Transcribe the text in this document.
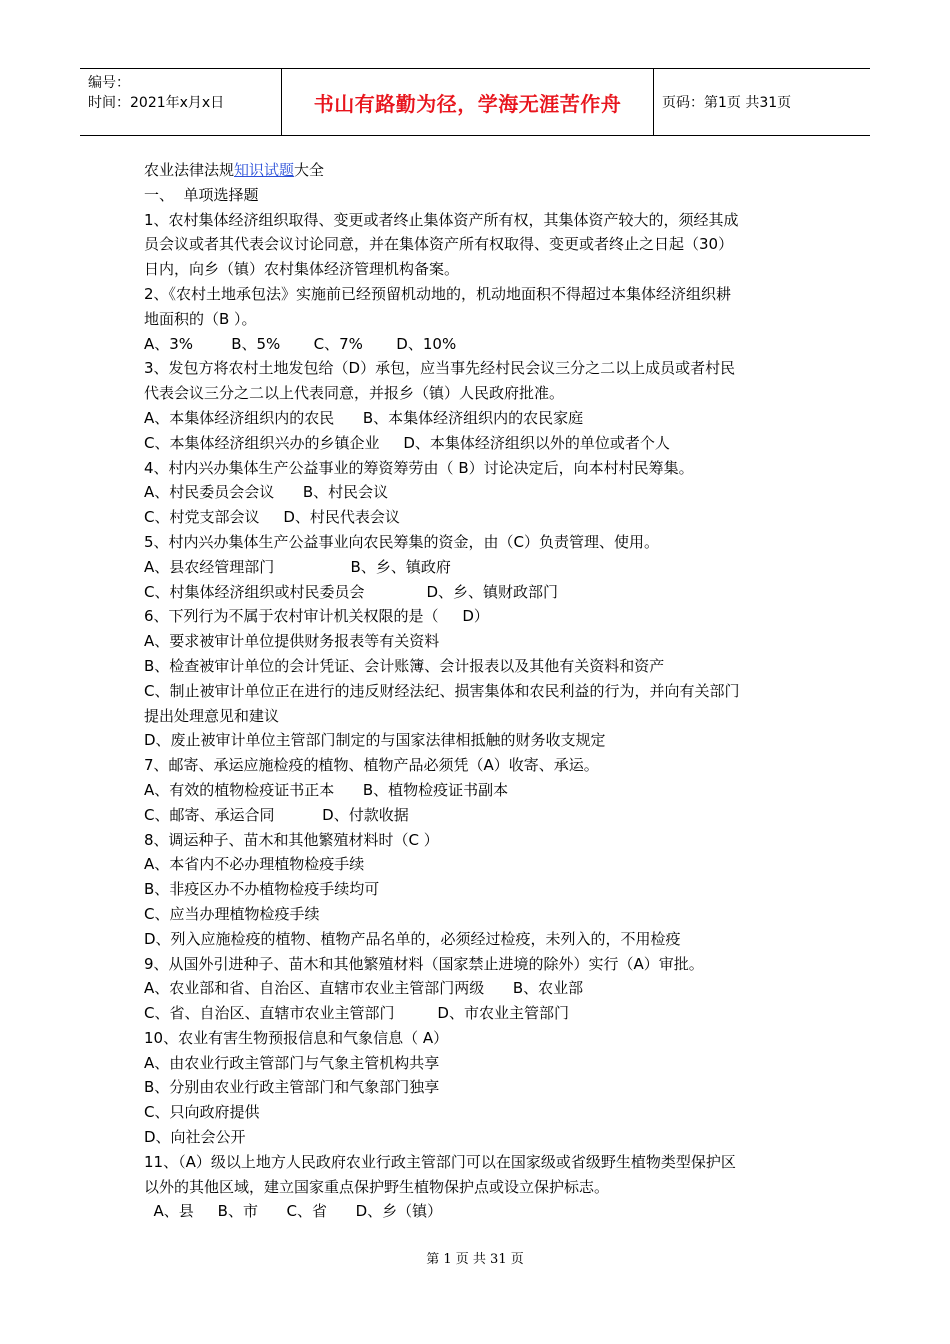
编号：
时间：2021年x月x日	书山有路勤为径，学海无涯苦作舟	页码：第1页 共31页

农业法律法规知识试题大全

一、  单项选择题

1、农村集体经济组织取得、变更或者终止集体资产所有权，其集体资产较大的，须经其成

员会议或者其代表会议讨论同意，并在集体资产所有权取得、变更或者终止之日起（30）

日内，向乡（镇）农村集体经济管理机构备案。

2、《农村土地承包法》实施前已经预留机动地的，机动地面积不得超过本集体经济组织耕

地面积的（B ）。

A、3%        B、5%       C、7%       D、10%

3、发包方将农村土地发包给（D）承包，应当事先经村民会议三分之二以上成员或者村民

代表会议三分之二以上代表同意，并报乡（镇）人民政府批准。

A、本集体经济组织内的农民      B、本集体经济组织内的农民家庭

C、本集体经济组织兴办的乡镇企业     D、本集体经济组织以外的单位或者个人

4、村内兴办集体生产公益事业的筹资筹劳由（ B）讨论决定后，向本村村民筹集。

A、村民委员会会议      B、村民会议

C、村党支部会议     D、村民代表会议

5、村内兴办集体生产公益事业向农民筹集的资金，由（C）负责管理、使用。

A、县农经管理部门                B、乡、镇政府

C、村集体经济组织或村民委员会             D、乡、镇财政部门

6、下列行为不属于农村审计机关权限的是（     D）

A、要求被审计单位提供财务报表等有关资料

B、检查被审计单位的会计凭证、会计账簿、会计报表以及其他有关资料和资产

C、制止被审计单位正在进行的违反财经法纪、损害集体和农民利益的行为，并向有关部门

提出处理意见和建议

D、废止被审计单位主管部门制定的与国家法律相抵触的财务收支规定

7、邮寄、承运应施检疫的植物、植物产品必须凭（A）收寄、承运。

A、有效的植物检疫证书正本      B、植物检疫证书副本

C、邮寄、承运合同          D、付款收据

8、调运种子、苗木和其他繁殖材料时（C ）

A、本省内不必办理植物检疫手续

B、非疫区办不办植物检疫手续均可

C、应当办理植物检疫手续

D、列入应施检疫的植物、植物产品名单的，必须经过检疫，未列入的，不用检疫

9、从国外引进种子、苗木和其他繁殖材料（国家禁止进境的除外）实行（A）审批。

A、农业部和省、自治区、直辖市农业主管部门两级      B、农业部

C、省、自治区、直辖市农业主管部门         D、市农业主管部门

10、农业有害生物预报信息和气象信息（ A）

A、由农业行政主管部门与气象主管机构共享

B、分别由农业行政主管部门和气象部门独享

C、只向政府提供

D、向社会公开

11、（A）级以上地方人民政府农业行政主管部门可以在国家级或省级野生植物类型保护区

以外的其他区域，建立国家重点保护野生植物保护点或设立保护标志。

A、县     B、市      C、省      D、乡（镇）

第 1 页 共 31 页
